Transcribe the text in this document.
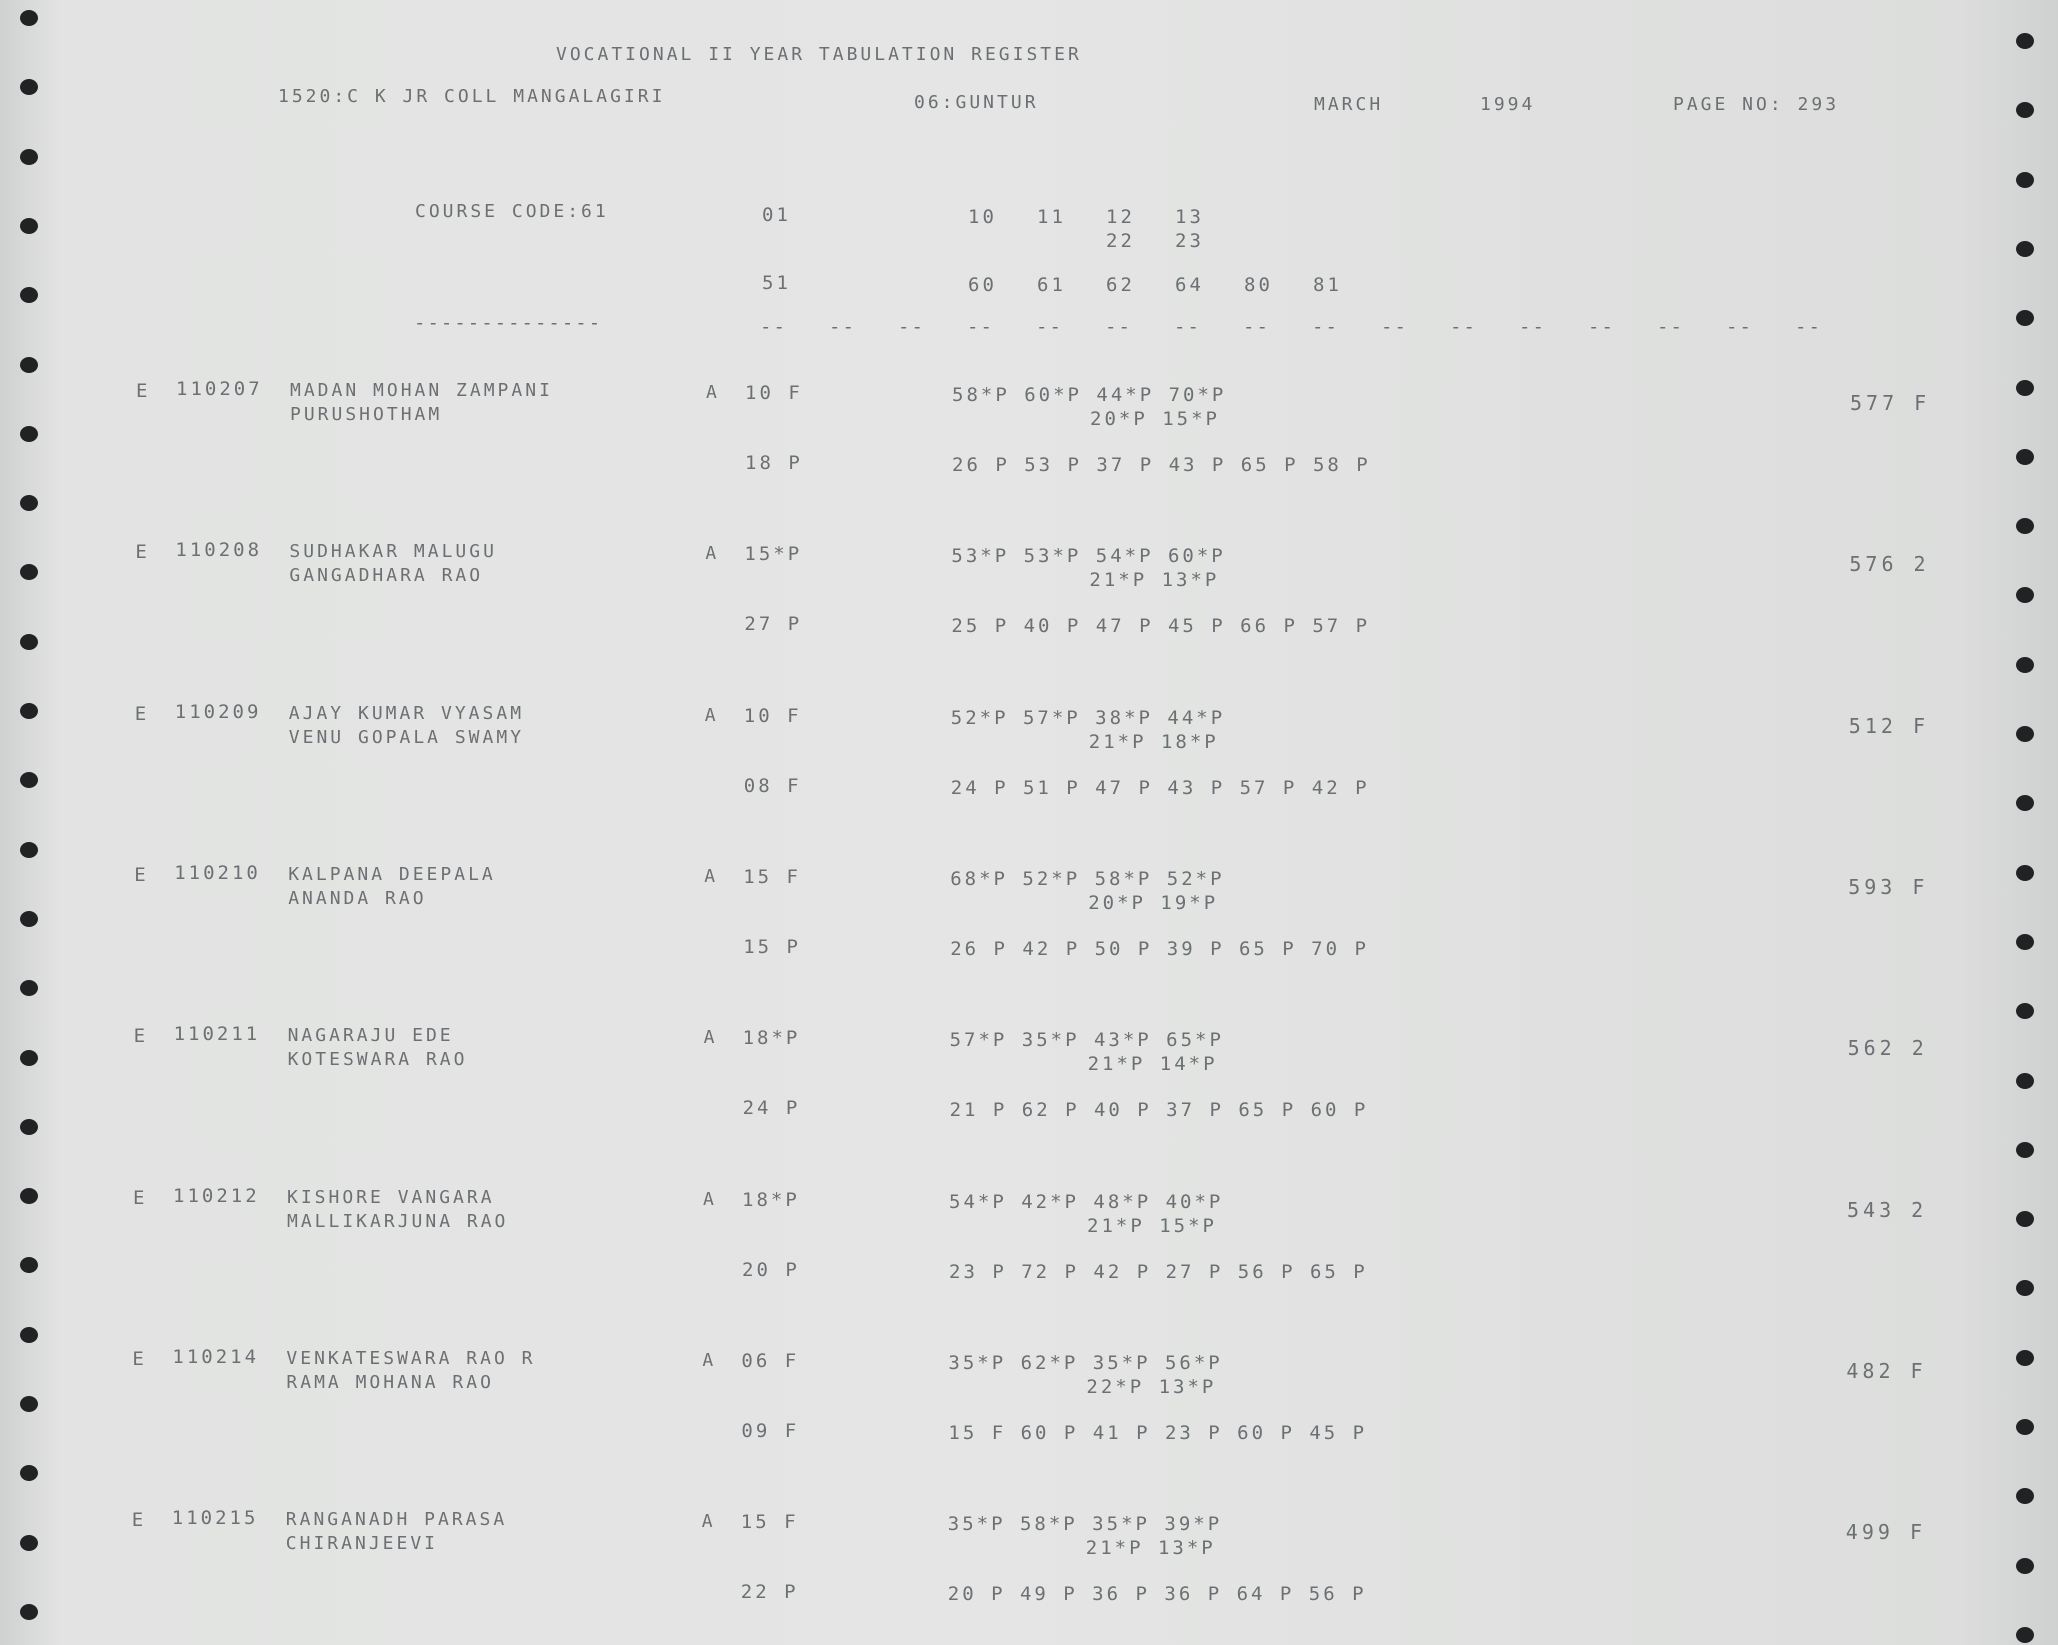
VOCATIONAL II YEAR TABULATION REGISTER
1520:C K JR COLL MANGALAGIRI	06:GUNTUR	MARCH	1994	PAGE NO: 293
COURSE CODE:61	01	10 11 12 13
22 23
51	60 61 62 64 80 81
--------------	-- -- -- -- -- -- -- -- -- -- -- -- -- -- -- --
E 110207 MADAN MOHAN ZAMPANI
PURUSHOTHAM
A 10 F	58*P 60*P 44*P 70*P
20*P 15*P
18 P	26 P 53 P 37 P 43 P 65 P 58 P
577 F
E 110208 SUDHAKAR MALUGU
GANGADHARA RAO
A 15*P	53*P 53*P 54*P 60*P
21*P 13*P
27 P	25 P 40 P 47 P 45 P 66 P 57 P
576 2
E 110209 AJAY KUMAR VYASAM
VENU GOPALA SWAMY
A 10 F	52*P 57*P 38*P 44*P
21*P 18*P
08 F	24 P 51 P 47 P 43 P 57 P 42 P
512 F
E 110210 KALPANA DEEPALA
ANANDA RAO
A 15 F	68*P 52*P 58*P 52*P
20*P 19*P
15 P	26 P 42 P 50 P 39 P 65 P 70 P
593 F
E 110211 NAGARAJU EDE
KOTESWARA RAO
A 18*P	57*P 35*P 43*P 65*P
21*P 14*P
24 P	21 P 62 P 40 P 37 P 65 P 60 P
562 2
E 110212 KISHORE VANGARA
MALLIKARJUNA RAO
A 18*P	54*P 42*P 48*P 40*P
21*P 15*P
20 P	23 P 72 P 42 P 27 P 56 P 65 P
543 2
E 110214 VENKATESWARA RAO R
RAMA MOHANA RAO
A 06 F	35*P 62*P 35*P 56*P
22*P 13*P
09 F	15 F 60 P 41 P 23 P 60 P 45 P
482 F
E 110215 RANGANADH PARASA
CHIRANJEEVI
A 15 F	35*P 58*P 35*P 39*P
21*P 13*P
22 P	20 P 49 P 36 P 36 P 64 P 56 P
499 F
